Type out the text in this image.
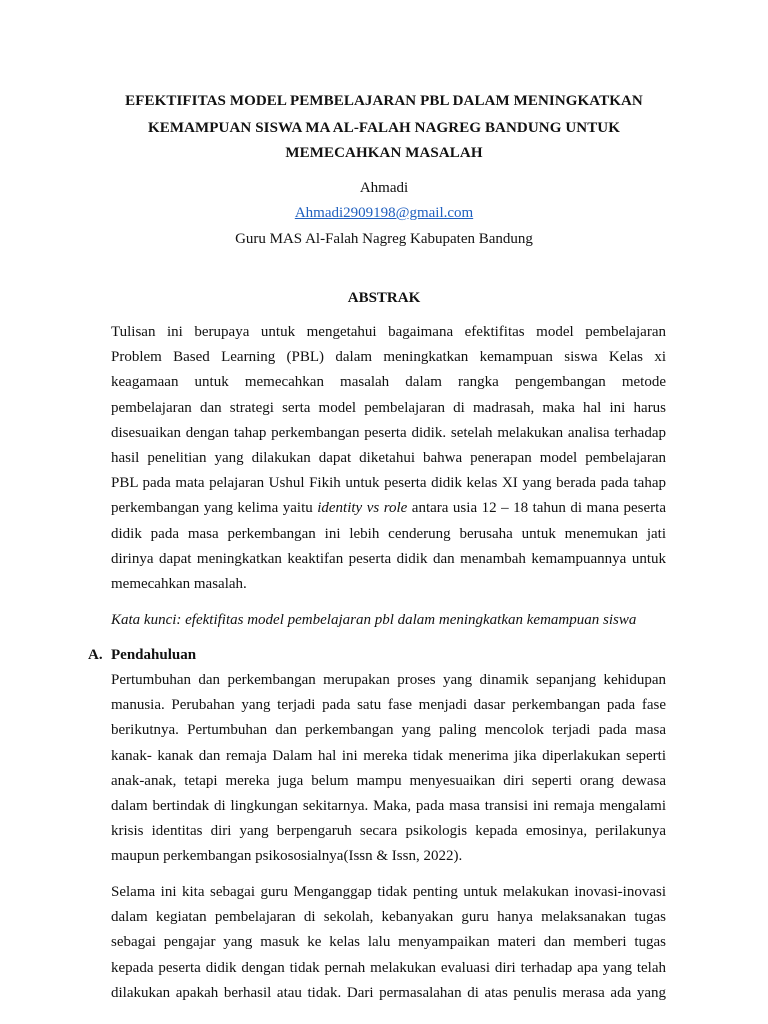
EFEKTIFITAS MODEL PEMBELAJARAN PBL DALAM MENINGKATKAN

KEMAMPUAN SISWA MA AL-FALAH NAGREG BANDUNG UNTUK

MEMECAHKAN MASALAH

Ahmadi

Ahmadi2909198@gmail.com

Guru MAS Al-Falah Nagreg Kabupaten Bandung

ABSTRAK

Tulisan ini berupaya untuk mengetahui bagaimana efektifitas model pembelajaran
Problem Based Learning (PBL) dalam meningkatkan kemampuan siswa Kelas xi
keagamaan untuk memecahkan masalah dalam rangka pengembangan metode
pembelajaran dan strategi serta model pembelajaran di madrasah, maka hal ini harus
disesuaikan dengan tahap perkembangan peserta didik. setelah melakukan analisa terhadap
hasil penelitian yang dilakukan dapat diketahui bahwa penerapan model pembelajaran
PBL pada mata pelajaran Ushul Fikih untuk peserta didik kelas XI yang berada pada tahap
perkembangan yang kelima yaitu identity vs role antara usia 12 – 18 tahun di mana peserta
didik pada masa perkembangan ini lebih cenderung berusaha untuk menemukan jati
dirinya dapat meningkatkan keaktifan peserta didik dan menambah kemampuannya untuk
memecahkan masalah.

Kata kunci: efektifitas model pembelajaran pbl dalam meningkatkan kemampuan siswa

A. Pendahuluan

Pertumbuhan dan perkembangan merupakan proses yang dinamik sepanjang kehidupan
manusia. Perubahan yang terjadi pada satu fase menjadi dasar perkembangan pada fase
berikutnya. Pertumbuhan dan perkembangan yang paling mencolok terjadi pada masa
kanak- kanak dan remaja Dalam hal ini mereka tidak menerima jika diperlakukan seperti
anak-anak, tetapi mereka juga belum mampu menyesuaikan diri seperti orang dewasa
dalam bertindak di lingkungan sekitarnya. Maka, pada masa transisi ini remaja mengalami
krisis identitas diri yang berpengaruh secara psikologis kepada emosinya, perilakunya
maupun perkembangan psikososialnya(Issn & Issn, 2022).
Selama ini kita sebagai guru Menganggap tidak penting untuk melakukan inovasi-inovasi
dalam kegiatan pembelajaran di sekolah, kebanyakan guru hanya melaksanakan tugas
sebagai pengajar yang masuk ke kelas lalu menyampaikan materi dan memberi tugas
kepada peserta didik dengan tidak pernah melakukan evaluasi diri terhadap apa yang telah
dilakukan apakah berhasil atau tidak. Dari permasalahan di atas penulis merasa ada yang
